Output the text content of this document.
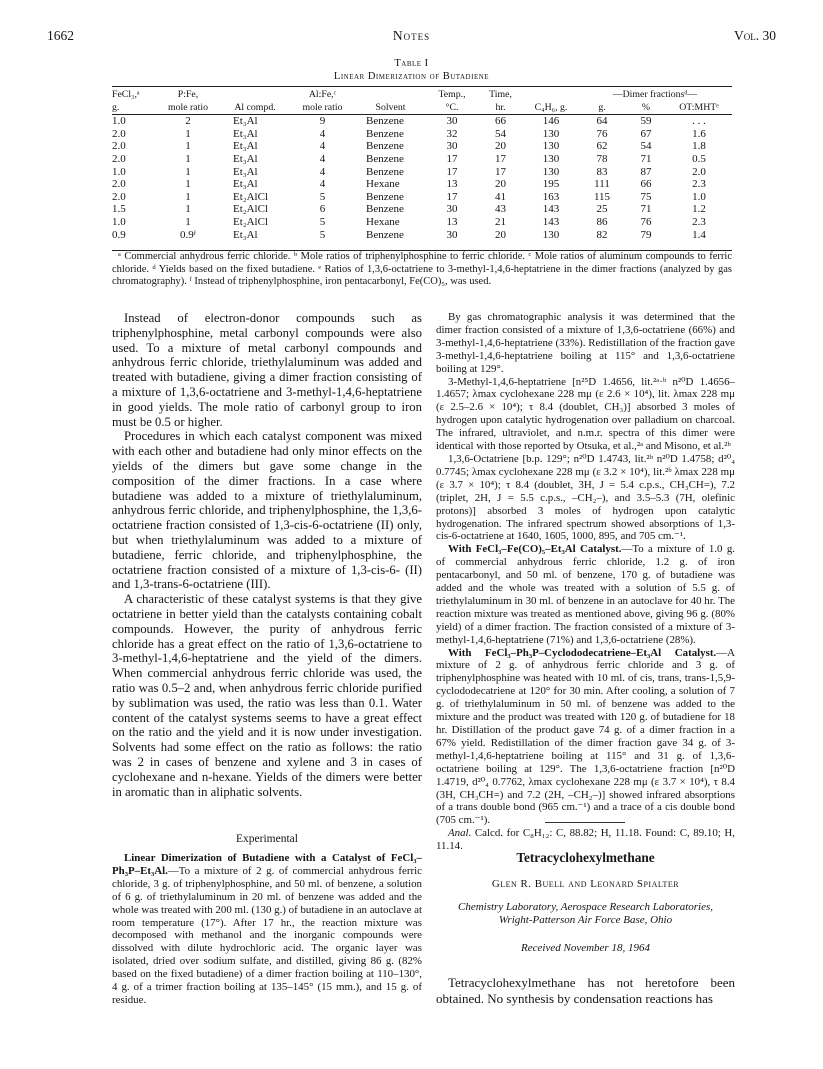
1662	Notes	Vol. 30
Table I
Linear Dimerization of Butadiene
FeCl₃,ᵃ	P:Fe,		Al:Fe,ᶜ		Temp.,	Time,		—Dimer fractionsᵈ—		
g.	mole ratio	Al compd.	mole ratio	Solvent	°C.	hr.	C₄H₆, g.	g.	%	OT:MHTᵉ

1.0	2	Et₃Al	9	Benzene	30	66	146	64	59	. . .
2.0	1	Et₃Al	4	Benzene	32	54	130	76	67	1.6
2.0	1	Et₃Al	4	Benzene	30	20	130	62	54	1.8
2.0	1	Et₃Al	4	Benzene	17	17	130	78	71	0.5
1.0	1	Et₃Al	4	Benzene	17	17	130	83	87	2.0
2.0	1	Et₃Al	4	Hexane	13	20	195	111	66	2.3
2.0	1	Et₂AlCl	5	Benzene	17	41	163	115	75	1.0
1.5	1	Et₂AlCl	6	Benzene	30	43	143	25	71	1.2
1.0	1	Et₂AlCl	5	Hexane	13	21	143	86	76	2.3
0.9	0.9ᶠ	Et₃Al	5	Benzene	30	20	130	82	79	1.4
ᵃ Commercial anhydrous ferric chloride. ᵇ Mole ratios of triphenylphosphine to ferric chloride. ᶜ Mole ratios of aluminum compounds to ferric chloride. ᵈ Yields based on the fixed butadiene. ᵉ Ratios of 1,3,6-octatriene to 3-methyl-1,4,6-heptatriene in the dimer fractions (analyzed by gas chromatography). ᶠ Instead of triphenylphosphine, iron pentacarbonyl, Fe(CO)₅, was used.

Instead of electron-donor compounds such as triphenylphosphine, metal carbonyl compounds were also used. To a mixture of metal carbonyl compounds and anhydrous ferric chloride, triethylaluminum was added and treated with butadiene, giving a dimer fraction consisting of a mixture of 1,3,6-octatriene and 3-methyl-1,4,6-heptatriene in good yields. The mole ratio of carbonyl group to iron must be 0.5 or higher.

Procedures in which each catalyst component was mixed with each other and butadiene had only minor effects on the yields of the dimers but gave some change in the composition of the dimer fractions. In a case where butadiene was added to a mixture of triethylaluminum, anhydrous ferric chloride, and triphenylphosphine, the 1,3,6-octatriene fraction consisted of 1,3-cis-6-octatriene (II) only, but when triethylaluminum was added to a mixture of butadiene, ferric chloride, and triphenylphosphine, the octatriene fraction consisted of a mixture of 1,3-cis-6- (II) and 1,3-trans-6-octatriene (III).

A characteristic of these catalyst systems is that they give octatriene in better yield than the catalysts containing cobalt compounds. However, the purity of anhydrous ferric chloride has a great effect on the ratio of 1,3,6-octatriene to 3-methyl-1,4,6-heptatriene and the yield of the dimers. When commercial anhydrous ferric chloride was used, the ratio was 0.5–2 and, when anhydrous ferric chloride purified by sublimation was used, the ratio was less than 0.1. Water content of the catalyst systems seems to have a great effect on the ratio and the yield and it is now under investigation. Solvents had some effect on the ratio as follows: the ratio was 2 in cases of benzene and xylene and 3 in cases of cyclohexane and n-hexane. Yields of the dimers were better in aromatic than in aliphatic solvents.

Experimental

Linear Dimerization of Butadiene with a Catalyst of FeCl₃–Ph₃P–Et₃Al.—To a mixture of 2 g. of commercial anhydrous ferric chloride, 3 g. of triphenylphosphine, and 50 ml. of benzene, a solution of 6 g. of triethylaluminum in 20 ml. of benzene was added and the whole was treated with 200 ml. (130 g.) of butadiene in an autoclave at room temperature (17°). After 17 hr., the reaction mixture was decomposed with methanol and the inorganic compounds were dissolved with dilute hydrochloric acid. The organic layer was isolated, dried over sodium sulfate, and distilled, giving 86 g. (82% based on the fixed butadiene) of a dimer fraction boiling at 110–130°, 4 g. of a trimer fraction boiling at 135–145° (15 mm.), and 15 g. of residue.

By gas chromatographic analysis it was determined that the dimer fraction consisted of a mixture of 1,3,6-octatriene (66%) and 3-methyl-1,4,6-heptatriene (33%). Redistillation of the fraction gave 3-methyl-1,4,6-heptatriene boiling at 115° and 1,3,6-octatriene boiling at 129°.

3-Methyl-1,4,6-heptatriene [n²⁵D 1.4656, lit.²ᵃ·ᵇ n²⁰D 1.4656–1.4657; λmax cyclohexane 228 mμ (ε 2.6 × 10⁴), lit. λmax 228 mμ (ε 2.5–2.6 × 10⁴); τ 8.4 (doublet, CH₃)] absorbed 3 moles of hydrogen upon catalytic hydrogenation over palladium on charcoal. The infrared, ultraviolet, and n.m.r. spectra of this dimer were identical with those reported by Otsuka, et al.,²ᵃ and Misono, et al.²ᵇ

1,3,6-Octatriene [b.p. 129°; n²⁰D 1.4743, lit.²ᵇ n²⁰D 1.4758; d²⁰₄ 0.7745; λmax cyclohexane 228 mμ (ε 3.2 × 10⁴), lit.²ᵇ λmax 228 mμ (ε 3.7 × 10⁴); τ 8.4 (doublet, 3H, J = 5.4 c.p.s., CH₃CH=), 7.2 (triplet, 2H, J = 5.5 c.p.s., –CH₂–), and 3.5–5.3 (7H, olefinic protons)] absorbed 3 moles of hydrogen upon catalytic hydrogenation. The infrared spectrum showed absorptions of 1,3-cis-6-octatriene at 1640, 1605, 1000, 895, and 705 cm.⁻¹.

With FeCl₃–Fe(CO)₅–Et₃Al Catalyst.—To a mixture of 1.0 g. of commercial anhydrous ferric chloride, 1.2 g. of iron pentacarbonyl, and 50 ml. of benzene, 170 g. of butadiene was added and the whole was treated with a solution of 5.5 g. of triethylaluminum in 30 ml. of benzene in an autoclave for 40 hr. The reaction mixture was treated as mentioned above, giving 96 g. (80% yield) of a dimer fraction. The fraction consisted of a mixture of 3-methyl-1,4,6-heptatriene (71%) and 1,3,6-octatriene (28%).

With FeCl₃–Ph₃P–Cyclododecatriene–Et₃Al Catalyst.—A mixture of 2 g. of anhydrous ferric chloride and 3 g. of triphenylphosphine was heated with 10 ml. of cis, trans, trans-1,5,9-cyclododecatriene at 120° for 30 min. After cooling, a solution of 7 g. of triethylaluminum in 50 ml. of benzene was added to the mixture and the product was treated with 120 g. of butadiene for 18 hr. Distillation of the product gave 74 g. of a dimer fraction in a 67% yield. Redistillation of the dimer fraction gave 34 g. of 3-methyl-1,4,6-heptatriene boiling at 115° and 31 g. of 1,3,6-octatriene boiling at 129°. The 1,3,6-octatriene fraction [n²⁰D 1.4719, d²⁰₄ 0.7762, λmax cyclohexane 228 mμ (ε 3.7 × 10⁴), τ 8.4 (3H, CH₃CH=) and 7.2 (2H, –CH₂–)] showed infrared absorptions of a trans double bond (965 cm.⁻¹) and a trace of a cis double bond (705 cm.⁻¹).

Anal. Calcd. for C₈H₁₂: C, 88.82; H, 11.18. Found: C, 89.10; H, 11.14.

Tetracyclohexylmethane
Glen R. Buell and Leonard Spialter
Chemistry Laboratory, Aerospace Research Laboratories,
Wright-Patterson Air Force Base, Ohio
Received November 18, 1964
Tetracyclohexylmethane has not heretofore been obtained. No synthesis by condensation reactions has
